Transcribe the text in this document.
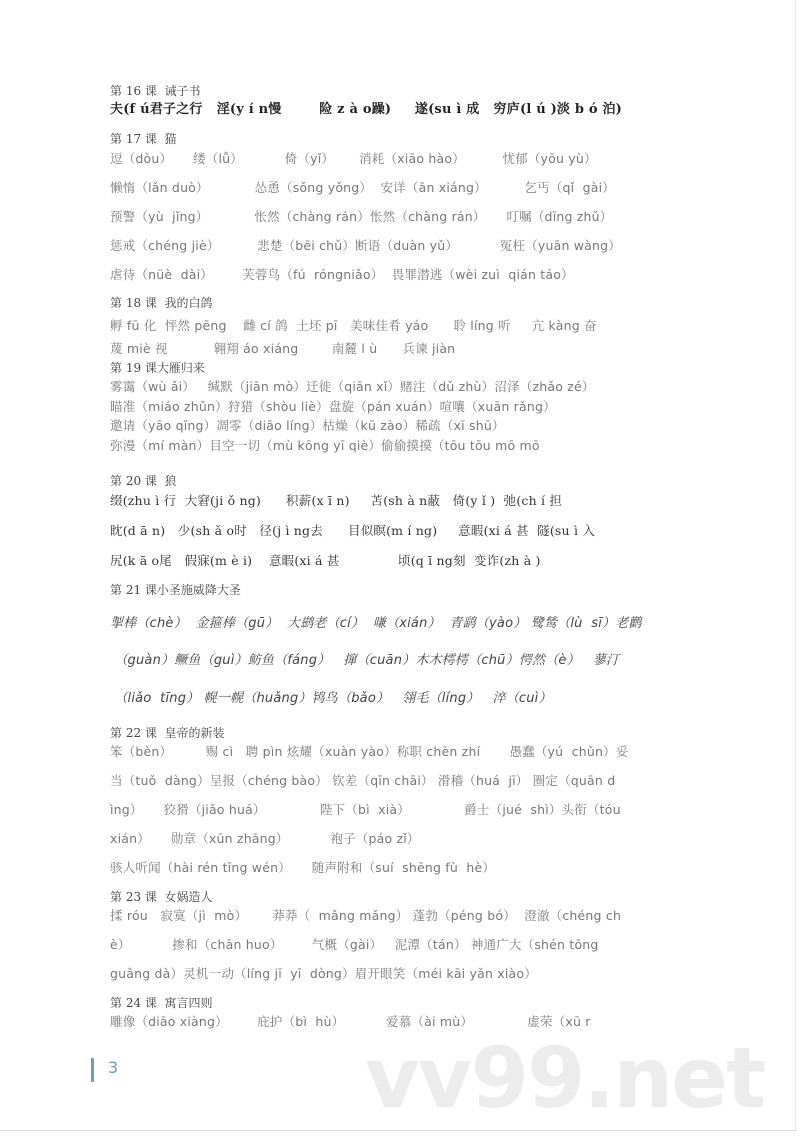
vv99.net
第 16 课  诫子书
夫(f ú君子之行   淫(y í n慢        险 z à o躁)     遂(su ì 成   穷庐(l ú )淡 b ó 泊)
第 17 课  猫
逗（dòu）     缕（lǚ）          倚（yǐ）      消耗（xiāo hào）         忧郁（yōu yù）
懒惰（lǎn duò）           怂恿（sǒng yǒng）  安详（ān xiáng）         乞丐（qǐ  gài）
预警（yù  jǐng）           怅然（chàng rán）怅然（chàng rán）     叮嘱（dīng zhǔ）
惩戒（chéng jiè）         悲楚（bēi chǔ）断语（duàn yǔ）          冤枉（yuān wàng）
虐待（nüè  dài）       芙蓉鸟（fú  róngniǎo）  畏罪潜逃（wèi zuì  qián táo）
第 18 课  我的白鸽
孵 fū 化  怦然 pēng    雌 cí 鸽  土坯 pī   美味佳肴 yáo      聆 líng 听     亢 kàng 奋
蔑 miè 视           翱翔 áo xiáng        南麓 l ù      兵谏 jiàn
第 19 课大雁归来
雾霭（wù ǎi）   缄默（jiān mò）迁徙（qiān xǐ）赌注（dǔ zhù）沼泽（zhǎo zé）
瞄准（miáo zhǔn）狩猎（shòu liè）盘旋（pán xuán）喧嚷（xuān rǎng）
邀请（yāo qǐng）凋零（diāo líng）枯燥（kū zào）稀疏（xī shū）
弥漫（mí màn）目空一切（mù kōng yī qiè）偷偷摸摸（tōu tōu mō mō
第 20 课  狼
缀(zhu ì 行  大窘(ji ǒ ng)      积薪(x ī n)     苫(sh à n蔽   倚(y ǐ )  弛(ch í 担
眈(d ā n)   少(sh ǎ o时   径(j ì ng去      目似瞑(m í ng)     意暇(xi á 甚  隧(su ì 入
尻(k ā o尾   假寐(m è i)    意暇(xi á 甚              顷(q ī ng刻  变诈(zh à )
第 21 课小圣施威降大圣
掣棒（chè）  金箍棒（gū）  大鹚老（cí）  嗛（xián）  青鹞（yào） 鹭鸶（lù  sī）老鹳
（guàn）鳜鱼（guì）鲂鱼（fáng）   撺（cuān）木木樗樗（chū）愕然（è）   蓼汀
（liǎo  tīng） 幌一幌（huǎng）鸨鸟（bǎo）   翎毛（líng）   淬（cuì）
第 22 课  皇帝的新装
笨（bèn）        赐 cì   聘 pìn 炫耀（xuàn yào）称职 chèn zhí       愚蠢（yú  chǔn）妥
当（tuǒ  dàng）呈报（chéng bào） 钦差（qīn chāi） 滑稽（huá  jī） 圈定（quān d
ìng）     狡猾（jiǎo huá）             陛下（bì  xià）             爵士（jué  shì）头衔（tóu
xián）     勋章（xūn zhāng）          袍子（páo zǐ）
骇人听闻（hài rén tīng wén）     随声附和（suí  shēng fù  hè）
第 23 课  女娲造人
揉 róu   寂寞（jì  mò）      莽莽（  mǎng mǎng） 蓬勃（péng bó）  澄澈（chéng ch
è）          掺和（chān huo）       气概（gài）   泥潭（tán） 神通广大（shén tōng
guǎng dà）灵机一动（líng jī  yī  dòng）眉开眼笑（méi kāi yǎn xiào）
第 24 课  寓言四则
雕像（diāo xiàng）       庇护（bì  hù）          爱慕（ài mù）             虚荣（xū r
3
